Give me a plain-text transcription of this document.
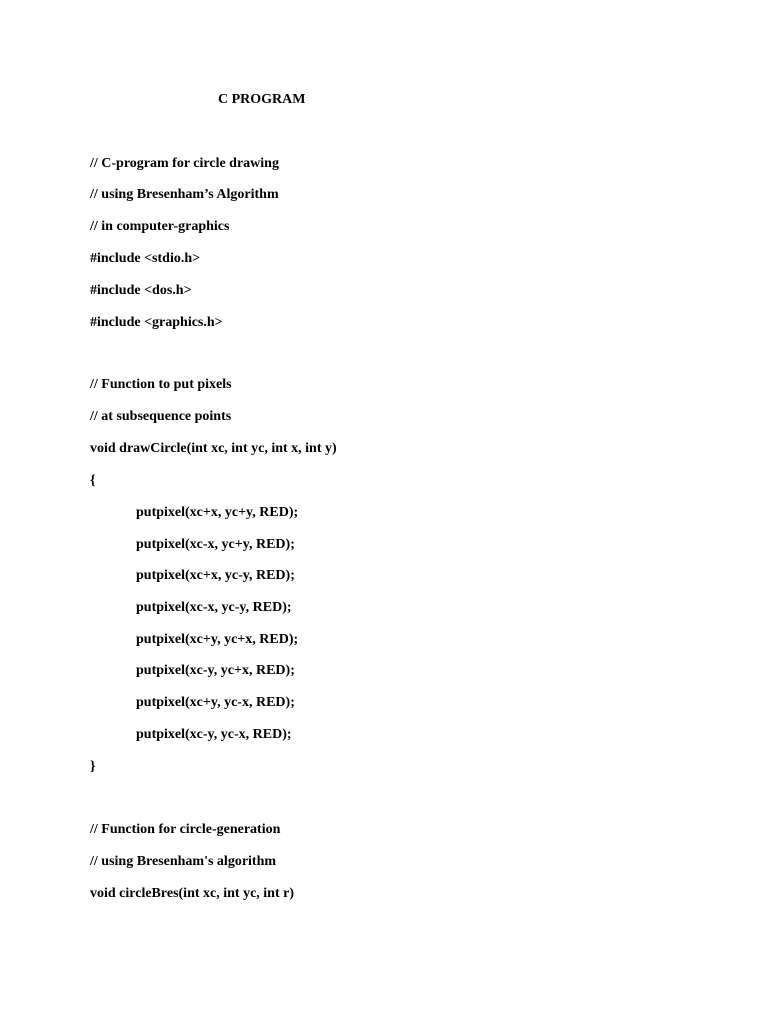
C PROGRAM
// C-program for circle drawing
// using Bresenham’s Algorithm
// in computer-graphics
#include <stdio.h>
#include <dos.h>
#include <graphics.h>
// Function to put pixels
// at subsequence points
void drawCircle(int xc, int yc, int x, int y)
{
putpixel(xc+x, yc+y, RED);
putpixel(xc-x, yc+y, RED);
putpixel(xc+x, yc-y, RED);
putpixel(xc-x, yc-y, RED);
putpixel(xc+y, yc+x, RED);
putpixel(xc-y, yc+x, RED);
putpixel(xc+y, yc-x, RED);
putpixel(xc-y, yc-x, RED);
}
// Function for circle-generation
// using Bresenham's algorithm
void circleBres(int xc, int yc, int r)
